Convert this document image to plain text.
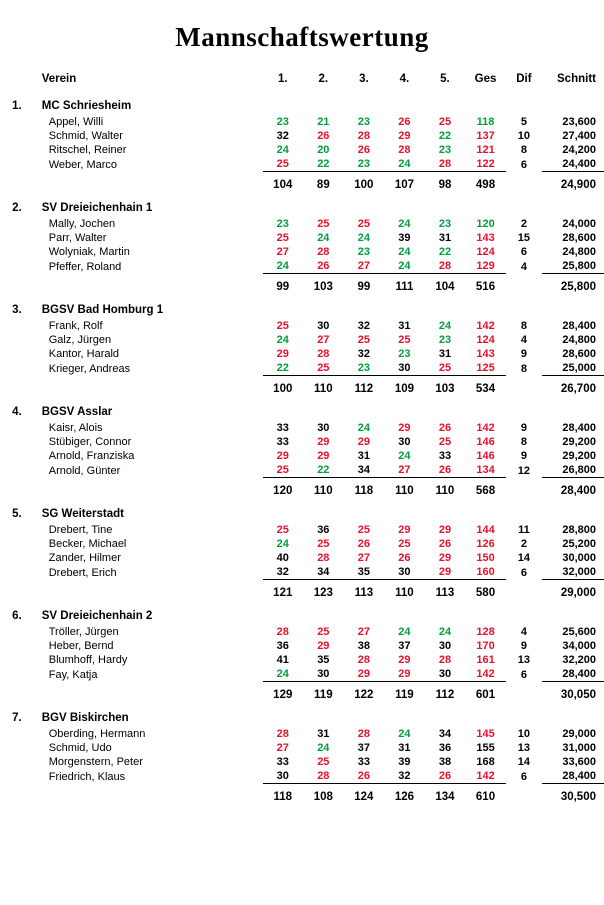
Mannschaftswertung
	Verein	1.	2.	3.	4.	5.	Ges	Dif	Schnitt
1.	MC Schriesheim								
	Appel, Willi	23	21	23	26	25	118	5	23,600
	Schmid, Walter	32	26	28	29	22	137	10	27,400
	Ritschel, Reiner	24	20	26	28	23	121	8	24,200
	Weber, Marco	25	22	23	24	28	122	6	24,400
		104	89	100	107	98	498		24,900
2.	SV Dreieichenhain 1								
	Mally, Jochen	23	25	25	24	23	120	2	24,000
	Parr, Walter	25	24	24	39	31	143	15	28,600
	Wolyniak, Martin	27	28	23	24	22	124	6	24,800
	Pfeffer, Roland	24	26	27	24	28	129	4	25,800
		99	103	99	111	104	516		25,800
3.	BGSV Bad Homburg 1								
	Frank, Rolf	25	30	32	31	24	142	8	28,400
	Galz, Jürgen	24	27	25	25	23	124	4	24,800
	Kantor, Harald	29	28	32	23	31	143	9	28,600
	Krieger, Andreas	22	25	23	30	25	125	8	25,000
		100	110	112	109	103	534		26,700
4.	BGSV Asslar								
	Kaisr, Alois	33	30	24	29	26	142	9	28,400
	Stübiger, Connor	33	29	29	30	25	146	8	29,200
	Arnold, Franziska	29	29	31	24	33	146	9	29,200
	Arnold, Günter	25	22	34	27	26	134	12	26,800
		120	110	118	110	110	568		28,400
5.	SG Weiterstadt								
	Drebert, Tine	25	36	25	29	29	144	11	28,800
	Becker, Michael	24	25	26	25	26	126	2	25,200
	Zander, Hilmer	40	28	27	26	29	150	14	30,000
	Drebert, Erich	32	34	35	30	29	160	6	32,000
		121	123	113	110	113	580		29,000
6.	SV Dreieichenhain 2								
	Tröller, Jürgen	28	25	27	24	24	128	4	25,600
	Heber, Bernd	36	29	38	37	30	170	9	34,000
	Blumhoff, Hardy	41	35	28	29	28	161	13	32,200
	Fay, Katja	24	30	29	29	30	142	6	28,400
		129	119	122	119	112	601		30,050
7.	BGV Biskirchen								
	Oberding, Hermann	28	31	28	24	34	145	10	29,000
	Schmid, Udo	27	24	37	31	36	155	13	31,000
	Morgenstern, Peter	33	25	33	39	38	168	14	33,600
	Friedrich, Klaus	30	28	26	32	26	142	6	28,400
		118	108	124	126	134	610		30,500
